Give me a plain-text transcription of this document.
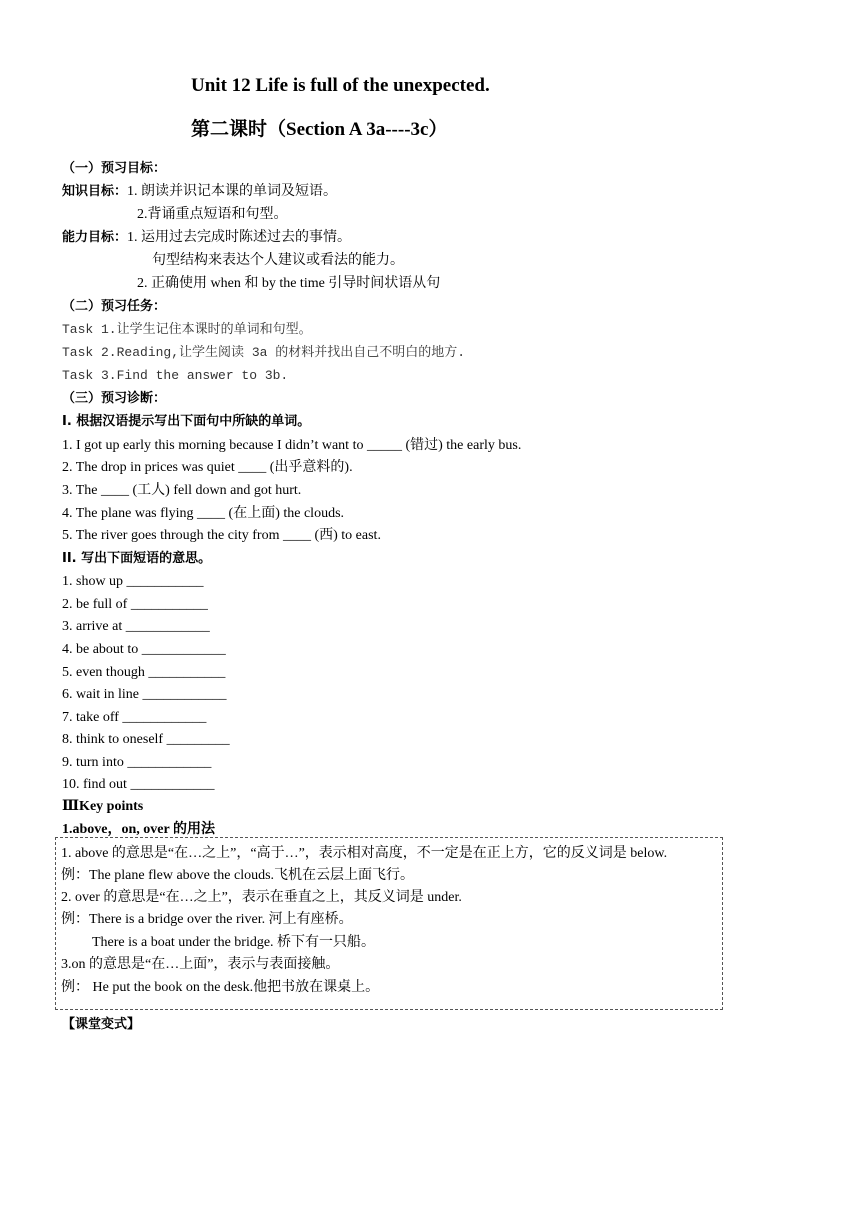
Unit 12 Life is full of the unexpected.
第二课时（Section A 3a----3c）
（一）预习目标：
知识目标：1. 朗读并识记本课的单词及短语。
2.背诵重点短语和句型。
能力目标：1. 运用过去完成时陈述过去的事情。
句型结构来表达个人建议或看法的能力。
2. 正确使用 when 和 by the time 引导时间状语从句
（二）预习任务：
Task 1.让学生记住本课时的单词和句型。
Task 2.Reading,让学生阅读 3a 的材料并找出自己不明白的地方.
Task 3.Find the answer to 3b.
（三）预习诊断：
I. 根据汉语提示写出下面句中所缺的单词。
1. I got up early this morning because I didn’t want to _____ (错过) the early bus.
2. The drop in prices was quiet ____ (出乎意料的).
3. The ____ (工人) fell down and got hurt.
4. The plane was flying ____ (在上面) the clouds.
5. The river goes through the city from ____ (西) to east.
II. 写出下面短语的意思。
1. show up ___________
2. be full of ___________
3. arrive at ____________
4. be about to ____________
5. even though ___________
6. wait in line ____________
7. take off ____________
8. think to oneself _________
9. turn into ____________
10. find out ____________
ⅢKey points
1.above，on, over 的用法
1. above 的意思是“在…之上”，“高于…”，表示相对高度，不一定是在正上方，它的反义词是 below.
例：The plane flew above the clouds.飞机在云层上面飞行。
2. over 的意思是“在…之上”，表示在垂直之上，其反义词是 under.
例：There is a bridge over the river. 河上有座桥。
There is a boat under the bridge. 桥下有一只船。
3.on 的意思是“在…上面”，表示与表面接触。
例： He put the book on the desk.他把书放在课桌上。
【课堂变式】
